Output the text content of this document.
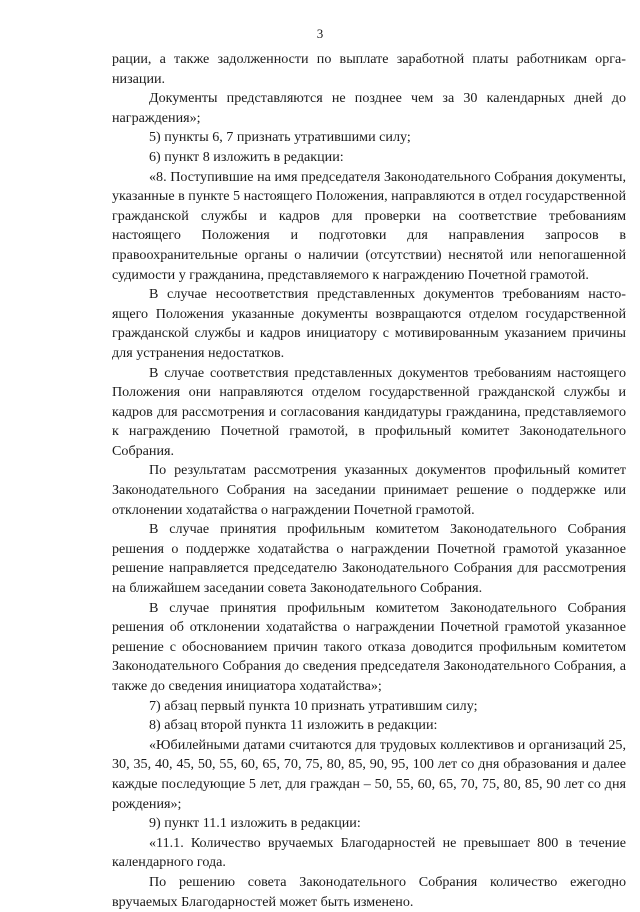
3

рации, а также задолженности по выплате заработной платы работникам организации.

Документы представляются не позднее чем за 30 календарных дней до награждения»;

5) пункты 6, 7 признать утратившими силу;

6) пункт 8 изложить в редакции:

«8. Поступившие на имя председателя Законодательного Собрания документы, указанные в пункте 5 настоящего Положения, направляются в отдел государственной гражданской службы и кадров для проверки на соответствие требованиям настоящего Положения и подготовки для направления запросов в правоохранительные органы о наличии (отсутствии) неснятой или непогашенной судимости у гражданина, представляемого к награждению Почетной грамотой.

В случае несоответствия представленных документов требованиям настоящего Положения указанные документы возвращаются отделом государственной гражданской службы и кадров инициатору с мотивированным указанием причины для устранения недостатков.

В случае соответствия представленных документов требованиям настоящего Положения они направляются отделом государственной гражданской службы и кадров для рассмотрения и согласования кандидатуры гражданина, представляемого к награждению Почетной грамотой, в профильный комитет Законодательного Собрания.

По результатам рассмотрения указанных документов профильный комитет Законодательного Собрания на заседании принимает решение о поддержке или отклонении ходатайства о награждении Почетной грамотой.

В случае принятия профильным комитетом Законодательного Собрания решения о поддержке ходатайства о награждении Почетной грамотой указанное решение направляется председателю Законодательного Собрания для рассмотрения на ближайшем заседании совета Законодательного Собрания.

В случае принятия профильным комитетом Законодательного Собрания решения об отклонении ходатайства о награждении Почетной грамотой указанное решение с обоснованием причин такого отказа доводится профильным комитетом Законодательного Собрания до сведения председателя Законодательного Собрания, а также до сведения инициатора ходатайства»;

7) абзац первый пункта 10 признать утратившим силу;

8) абзац второй пункта 11 изложить в редакции:

«Юбилейными датами считаются для трудовых коллективов и организаций 25, 30, 35, 40, 45, 50, 55, 60, 65, 70, 75, 80, 85, 90, 95, 100 лет со дня образования и далее каждые последующие 5 лет, для граждан – 50, 55, 60, 65, 70, 75, 80, 85, 90 лет со дня рождения»;

9) пункт 11.1 изложить в редакции:

«11.1. Количество вручаемых Благодарностей не превышает 800 в течение календарного года.

По решению совета Законодательного Собрания количество ежегодно вручаемых Благодарностей может быть изменено.
